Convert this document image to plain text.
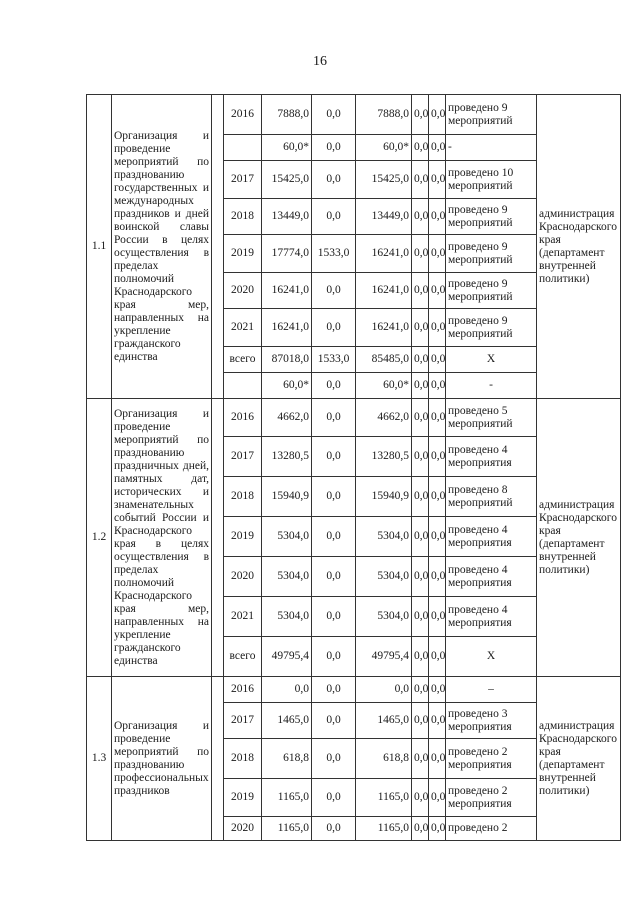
16
1.1	Организация и проведение мероприятий по празднованию государственных и международных праздников и дней воинской славы России в целях осуществления в пределах полномочий Краснодарского края мер, направленных на укрепление гражданского единства		2016	7888,0	0,0	7888,0	0,0	0,0	проведено 9 мероприятий	администрация Краснодарского края (департамент внутренней политики)
				60,0*	0,0	60,0*	0,0	0,0	-	
			2017	15425,0	0,0	15425,0	0,0	0,0	проведено 10 мероприятий	
			2018	13449,0	0,0	13449,0	0,0	0,0	проведено 9 мероприятий	
			2019	17774,0	1533,0	16241,0	0,0	0,0	проведено 9 мероприятий	
			2020	16241,0	0,0	16241,0	0,0	0,0	проведено 9 мероприятий	
			2021	16241,0	0,0	16241,0	0,0	0,0	проведено 9 мероприятий	
			всего	87018,0	1533,0	85485,0	0,0	0,0	X	
				60,0*	0,0	60,0*	0,0	0,0	-	
1.2	Организация и проведение мероприятий по празднованию праздничных дней, памятных дат, исторических и знаменательных событий России и Краснодарского края в целях осуществления в пределах полномочий Краснодарского края мер, направленных на укрепление гражданского единства		2016	4662,0	0,0	4662,0	0,0	0,0	проведено 5 мероприятий	администрация Краснодарского края (департамент внутренней политики)
			2017	13280,5	0,0	13280,5	0,0	0,0	проведено 4 мероприятия	
			2018	15940,9	0,0	15940,9	0,0	0,0	проведено 8 мероприятий	
			2019	5304,0	0,0	5304,0	0,0	0,0	проведено 4 мероприятия	
			2020	5304,0	0,0	5304,0	0,0	0,0	проведено 4 мероприятия	
			2021	5304,0	0,0	5304,0	0,0	0,0	проведено 4 мероприятия	
			всего	49795,4	0,0	49795,4	0,0	0,0	X	
1.3	Организация и проведение мероприятий по празднованию профессиональных праздников		2016	0,0	0,0	0,0	0,0	0,0	–	администрация Краснодарского края (департамент внутренней политики)
			2017	1465,0	0,0	1465,0	0,0	0,0	проведено 3 мероприятия	
			2018	618,8	0,0	618,8	0,0	0,0	проведено 2 мероприятия	
			2019	1165,0	0,0	1165,0	0,0	0,0	проведено 2 мероприятия	
			2020	1165,0	0,0	1165,0	0,0	0,0	проведено 2	
